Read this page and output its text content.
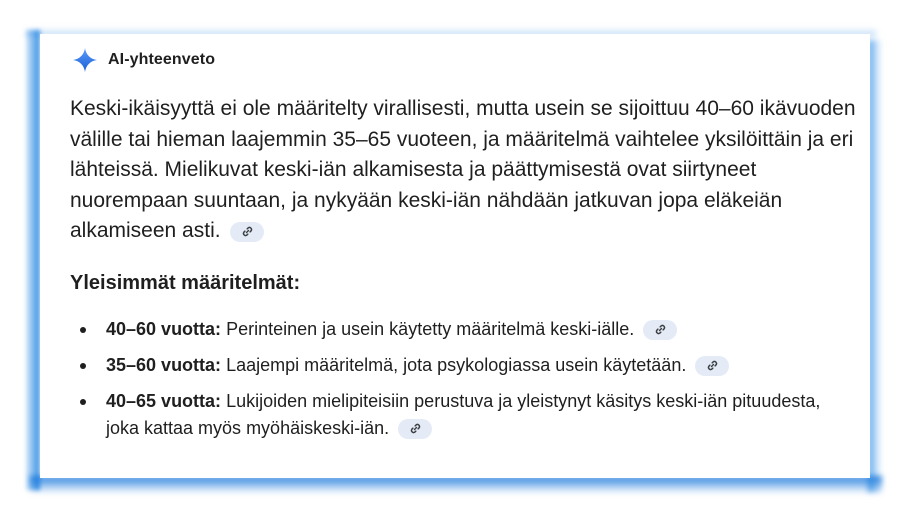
AI-yhteenveto
Keski-ikäisyyttä ei ole määritelty virallisesti, mutta usein se sijoittuu 40–60 ikävuoden välille tai hieman laajemmin 35–65 vuoteen, ja määritelmä vaihtelee yksilöittäin ja eri lähteissä. Mielikuvat keski-iän alkamisesta ja päättymisestä ovat siirtyneet nuorempaan suuntaan, ja nykyään keski-iän nähdään jatkuvan jopa eläkeiän alkamiseen asti.
Yleisimmät määritelmät:
40–60 vuotta: Perinteinen ja usein käytetty määritelmä keski-iälle.
35–60 vuotta: Laajempi määritelmä, jota psykologiassa usein käytetään.
40–65 vuotta: Lukijoiden mielipiteisiin perustuva ja yleistynyt käsitys keski-iän pituudesta, joka kattaa myös myöhäiskeski-iän.
